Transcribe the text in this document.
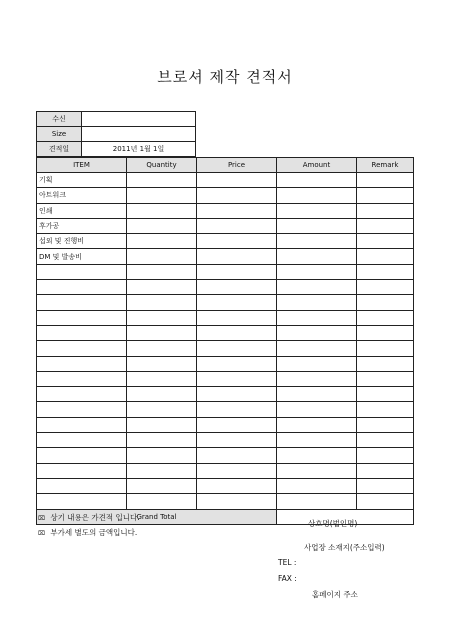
브로셔 제작 견적서
수신	
Size	
견적일	2011년 1월 1일
ITEM	Quantity	Price	Amount	Remark
기획				
아트워크				
인쇄				
후가공				
섭외 및 진행비				
DM 및 발송비				

Grand Total				
⌧ 상기 내용은 가견적 입니다.
⌧ 부가세 별도의 금액입니다.
상호명(법인명)
사업장 소재지(주소입력)
TEL :
FAX :
홈페이지 주소
